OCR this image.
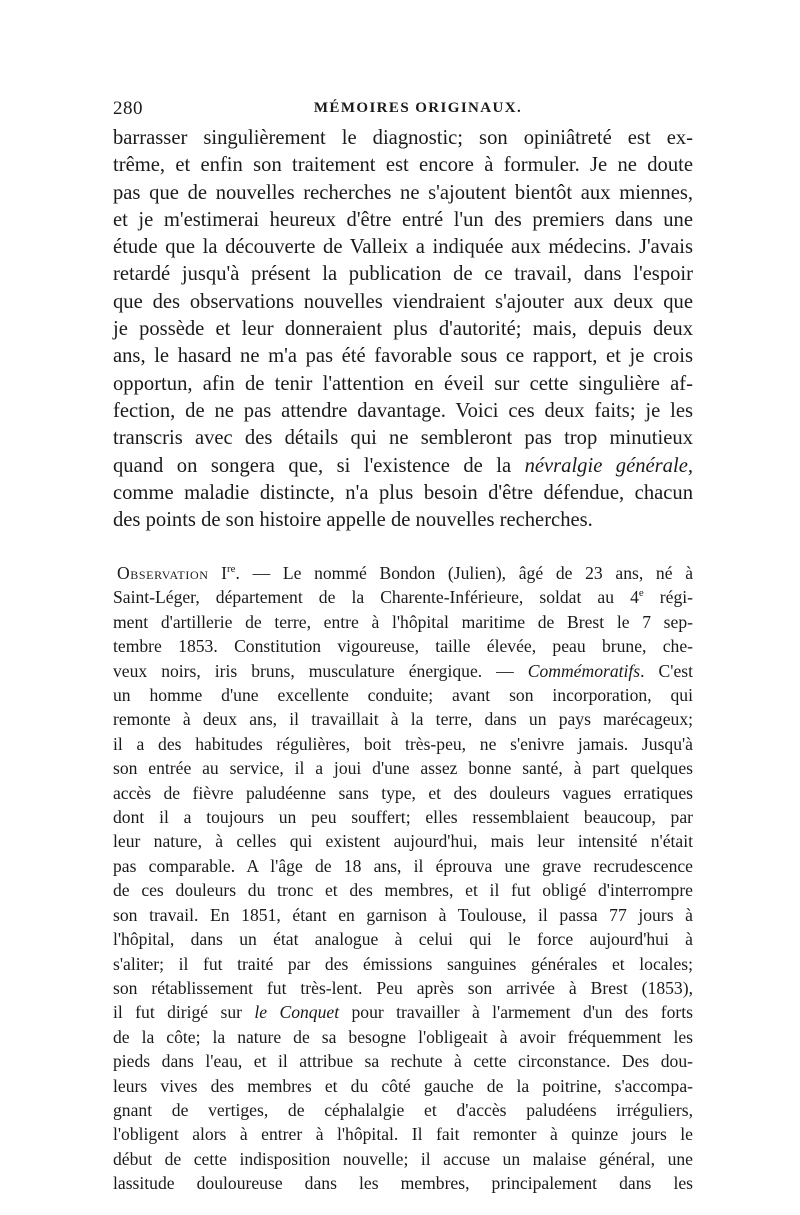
280	MÉMOIRES ORIGINAUX.
barrasser singulièrement le diagnostic; son opiniâtreté est ex-
trême, et enfin son traitement est encore à formuler. Je ne doute
pas que de nouvelles recherches ne s'ajoutent bientôt aux miennes,
et je m'estimerai heureux d'être entré l'un des premiers dans une
étude que la découverte de Valleix a indiquée aux médecins. J'avais
retardé jusqu'à présent la publication de ce travail, dans l'espoir
que des observations nouvelles viendraient s'ajouter aux deux que
je possède et leur donneraient plus d'autorité; mais, depuis deux
ans, le hasard ne m'a pas été favorable sous ce rapport, et je crois
opportun, afin de tenir l'attention en éveil sur cette singulière af-
fection, de ne pas attendre davantage. Voici ces deux faits; je les
transcris avec des détails qui ne sembleront pas trop minutieux
quand on songera que, si l'existence de la névralgie générale,
comme maladie distincte, n'a plus besoin d'être défendue, chacun
des points de son histoire appelle de nouvelles recherches.
Observation Ire. — Le nommé Bondon (Julien), âgé de 23 ans, né à
Saint-Léger, département de la Charente-Inférieure, soldat au 4e régi-
ment d'artillerie de terre, entre à l'hôpital maritime de Brest le 7 sep-
tembre 1853. Constitution vigoureuse, taille élevée, peau brune, che-
veux noirs, iris bruns, musculature énergique. — Commémoratifs. C'est
un homme d'une excellente conduite; avant son incorporation, qui
remonte à deux ans, il travaillait à la terre, dans un pays marécageux;
il a des habitudes régulières, boit très-peu, ne s'enivre jamais. Jusqu'à
son entrée au service, il a joui d'une assez bonne santé, à part quelques
accès de fièvre paludéenne sans type, et des douleurs vagues erratiques
dont il a toujours un peu souffert; elles ressemblaient beaucoup, par
leur nature, à celles qui existent aujourd'hui, mais leur intensité n'était
pas comparable. A l'âge de 18 ans, il éprouva une grave recrudescence
de ces douleurs du tronc et des membres, et il fut obligé d'interrompre
son travail. En 1851, étant en garnison à Toulouse, il passa 77 jours à
l'hôpital, dans un état analogue à celui qui le force aujourd'hui à
s'aliter; il fut traité par des émissions sanguines générales et locales;
son rétablissement fut très-lent. Peu après son arrivée à Brest (1853),
il fut dirigé sur le Conquet pour travailler à l'armement d'un des forts
de la côte; la nature de sa besogne l'obligeait à avoir fréquemment les
pieds dans l'eau, et il attribue sa rechute à cette circonstance. Des dou-
leurs vives des membres et du côté gauche de la poitrine, s'accompa-
gnant de vertiges, de céphalalgie et d'accès paludéens irréguliers,
l'obligent alors à entrer à l'hôpital. Il fait remonter à quinze jours le
début de cette indisposition nouvelle; il accuse un malaise général, une
lassitude douloureuse dans les membres, principalement dans les
